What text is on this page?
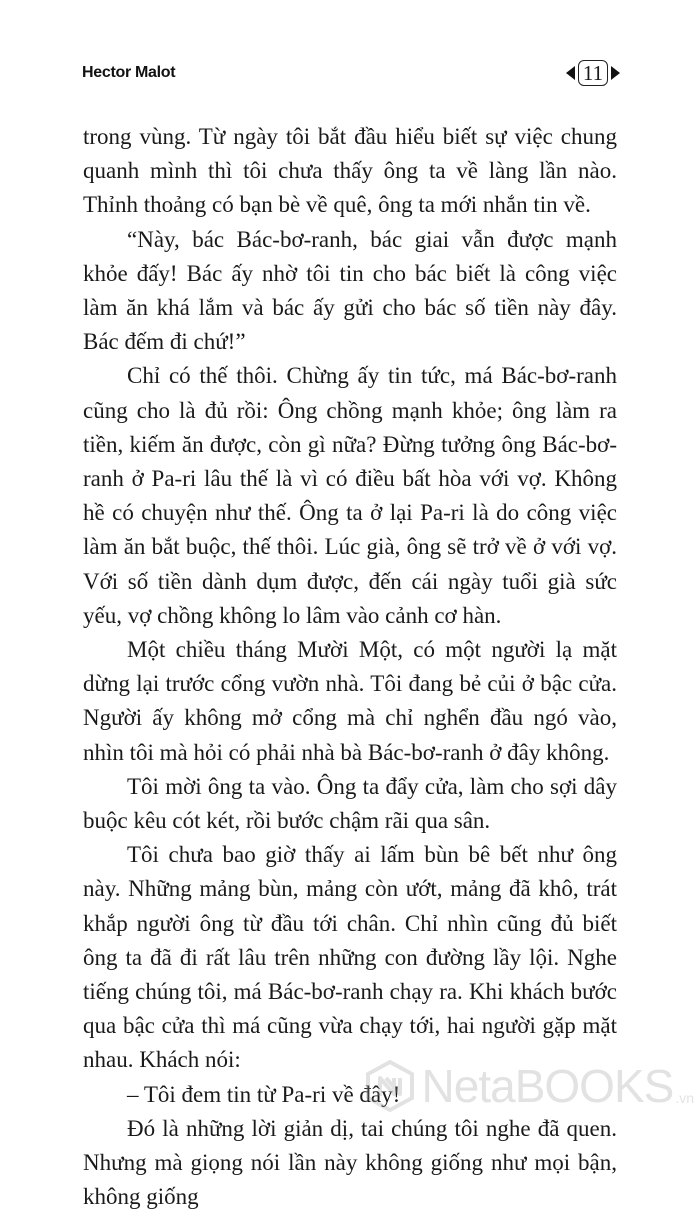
Hector Malot	11

trong vùng. Từ ngày tôi bắt đầu hiểu biết sự việc chung quanh mình thì tôi chưa thấy ông ta về làng lần nào. Thỉnh thoảng có bạn bè về quê, ông ta mới nhắn tin về.

“Này, bác Bác-bơ-ranh, bác giai vẫn được mạnh khỏe đấy! Bác ấy nhờ tôi tin cho bác biết là công việc làm ăn khá lắm và bác ấy gửi cho bác số tiền này đây. Bác đếm đi chứ!”

Chỉ có thế thôi. Chừng ấy tin tức, má Bác-bơ-ranh cũng cho là đủ rồi: Ông chồng mạnh khỏe; ông làm ra tiền, kiếm ăn được, còn gì nữa? Đừng tưởng ông Bác-bơ-ranh ở Pa-ri lâu thế là vì có điều bất hòa với vợ. Không hề có chuyện như thế. Ông ta ở lại Pa-ri là do công việc làm ăn bắt buộc, thế thôi. Lúc già, ông sẽ trở về ở với vợ. Với số tiền dành dụm được, đến cái ngày tuổi già sức yếu, vợ chồng không lo lâm vào cảnh cơ hàn.

Một chiều tháng Mười Một, có một người lạ mặt dừng lại trước cổng vườn nhà. Tôi đang bẻ củi ở bậc cửa. Người ấy không mở cổng mà chỉ nghển đầu ngó vào, nhìn tôi mà hỏi có phải nhà bà Bác-bơ-ranh ở đây không.

Tôi mời ông ta vào. Ông ta đẩy cửa, làm cho sợi dây buộc kêu cót két, rồi bước chậm rãi qua sân.

Tôi chưa bao giờ thấy ai lấm bùn bê bết như ông này. Những mảng bùn, mảng còn ướt, mảng đã khô, trát khắp người ông từ đầu tới chân. Chỉ nhìn cũng đủ biết ông ta đã đi rất lâu trên những con đường lầy lội. Nghe tiếng chúng tôi, má Bác-bơ-ranh chạy ra. Khi khách bước qua bậc cửa thì má cũng vừa chạy tới, hai người gặp mặt nhau. Khách nói:

– Tôi đem tin từ Pa-ri về đây!

Đó là những lời giản dị, tai chúng tôi nghe đã quen. Nhưng mà giọng nói lần này không giống như mọi bận, không giống

NetaBOOKS .vn
